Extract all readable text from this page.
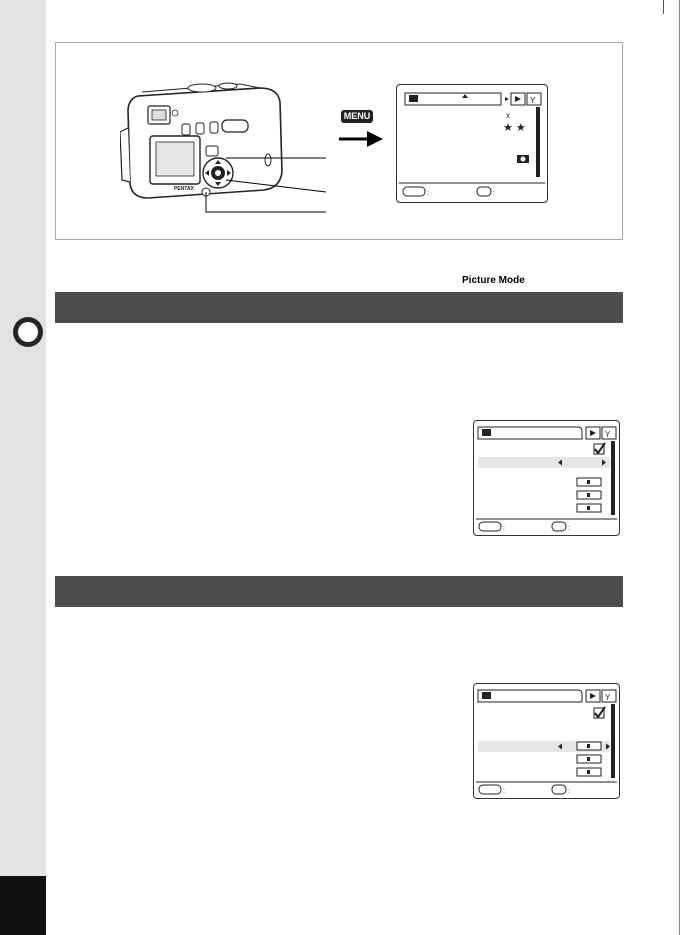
PENTAX
MENU
Y
x
★ ★
:	:
Picture Mode
Y
:	:
Y
:	:
